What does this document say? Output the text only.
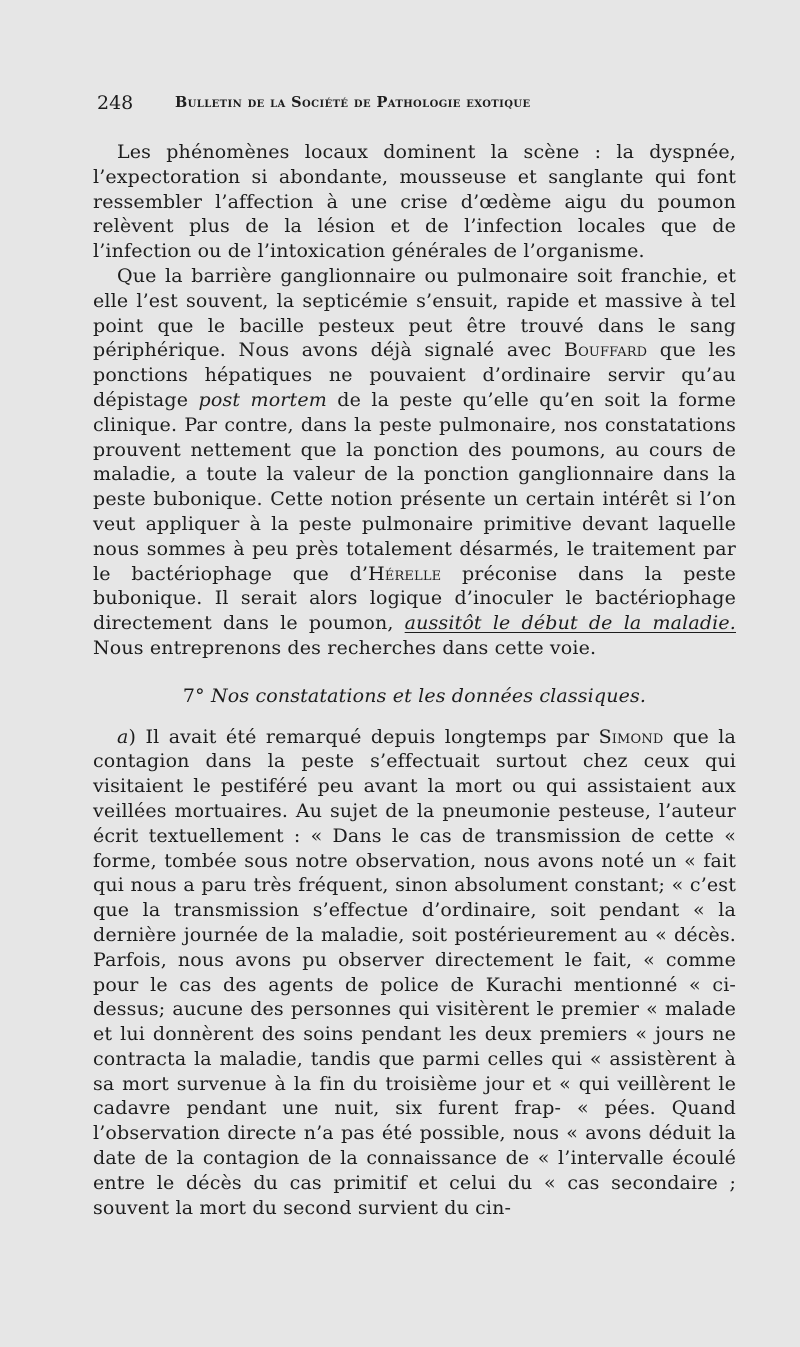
248	Bulletin de la Société de Pathologie exotique

Les phénomènes locaux dominent la scène : la dyspnée, l’expectoration si abondante, mousseuse et sanglante qui font ressembler l’affection à une crise d’œdème aigu du poumon relèvent plus de la lésion et de l’infection locales que de l’infection ou de l’intoxication générales de l’organisme.

Que la barrière ganglionnaire ou pulmonaire soit franchie, et elle l’est souvent, la septicémie s’ensuit, rapide et massive à tel point que le bacille pesteux peut être trouvé dans le sang périphérique. Nous avons déjà signalé avec Bouffard que les ponctions hépatiques ne pouvaient d’ordinaire servir qu’au dépistage post mortem de la peste qu’elle qu’en soit la forme clinique. Par contre, dans la peste pulmonaire, nos constatations prouvent nettement que la ponction des poumons, au cours de maladie, a toute la valeur de la ponction ganglionnaire dans la peste bubonique. Cette notion présente un certain intérêt si l’on veut appliquer à la peste pulmonaire primitive devant laquelle nous sommes à peu près totalement désarmés, le traitement par le bactériophage que d’Hérelle préconise dans la peste bubonique. Il serait alors logique d’inoculer le bactériophage directement dans le poumon, aussitôt le début de la maladie. Nous entreprenons des recherches dans cette voie.

7° Nos constatations et les données classiques.

a) Il avait été remarqué depuis longtemps par Simond que la contagion dans la peste s’effectuait surtout chez ceux qui visitaient le pestiféré peu avant la mort ou qui assistaient aux veillées mortuaires. Au sujet de la pneumonie pesteuse, l’auteur écrit textuellement : « Dans le cas de transmission de cette « forme, tombée sous notre observation, nous avons noté un « fait qui nous a paru très fréquent, sinon absolument constant; « c’est que la transmission s’effectue d’ordinaire, soit pendant « la dernière journée de la maladie, soit postérieurement au « décès. Parfois, nous avons pu observer directement le fait, « comme pour le cas des agents de police de Kurachi mentionné « ci-dessus; aucune des personnes qui visitèrent le premier « malade et lui donnèrent des soins pendant les deux premiers « jours ne contracta la maladie, tandis que parmi celles qui « assistèrent à sa mort survenue à la fin du troisième jour et « qui veillèrent le cadavre pendant une nuit, six furent frap- « pées. Quand l’observation directe n’a pas été possible, nous « avons déduit la date de la contagion de la connaissance de « l’intervalle écoulé entre le décès du cas primitif et celui du « cas secondaire ; souvent la mort du second survient du cin-
